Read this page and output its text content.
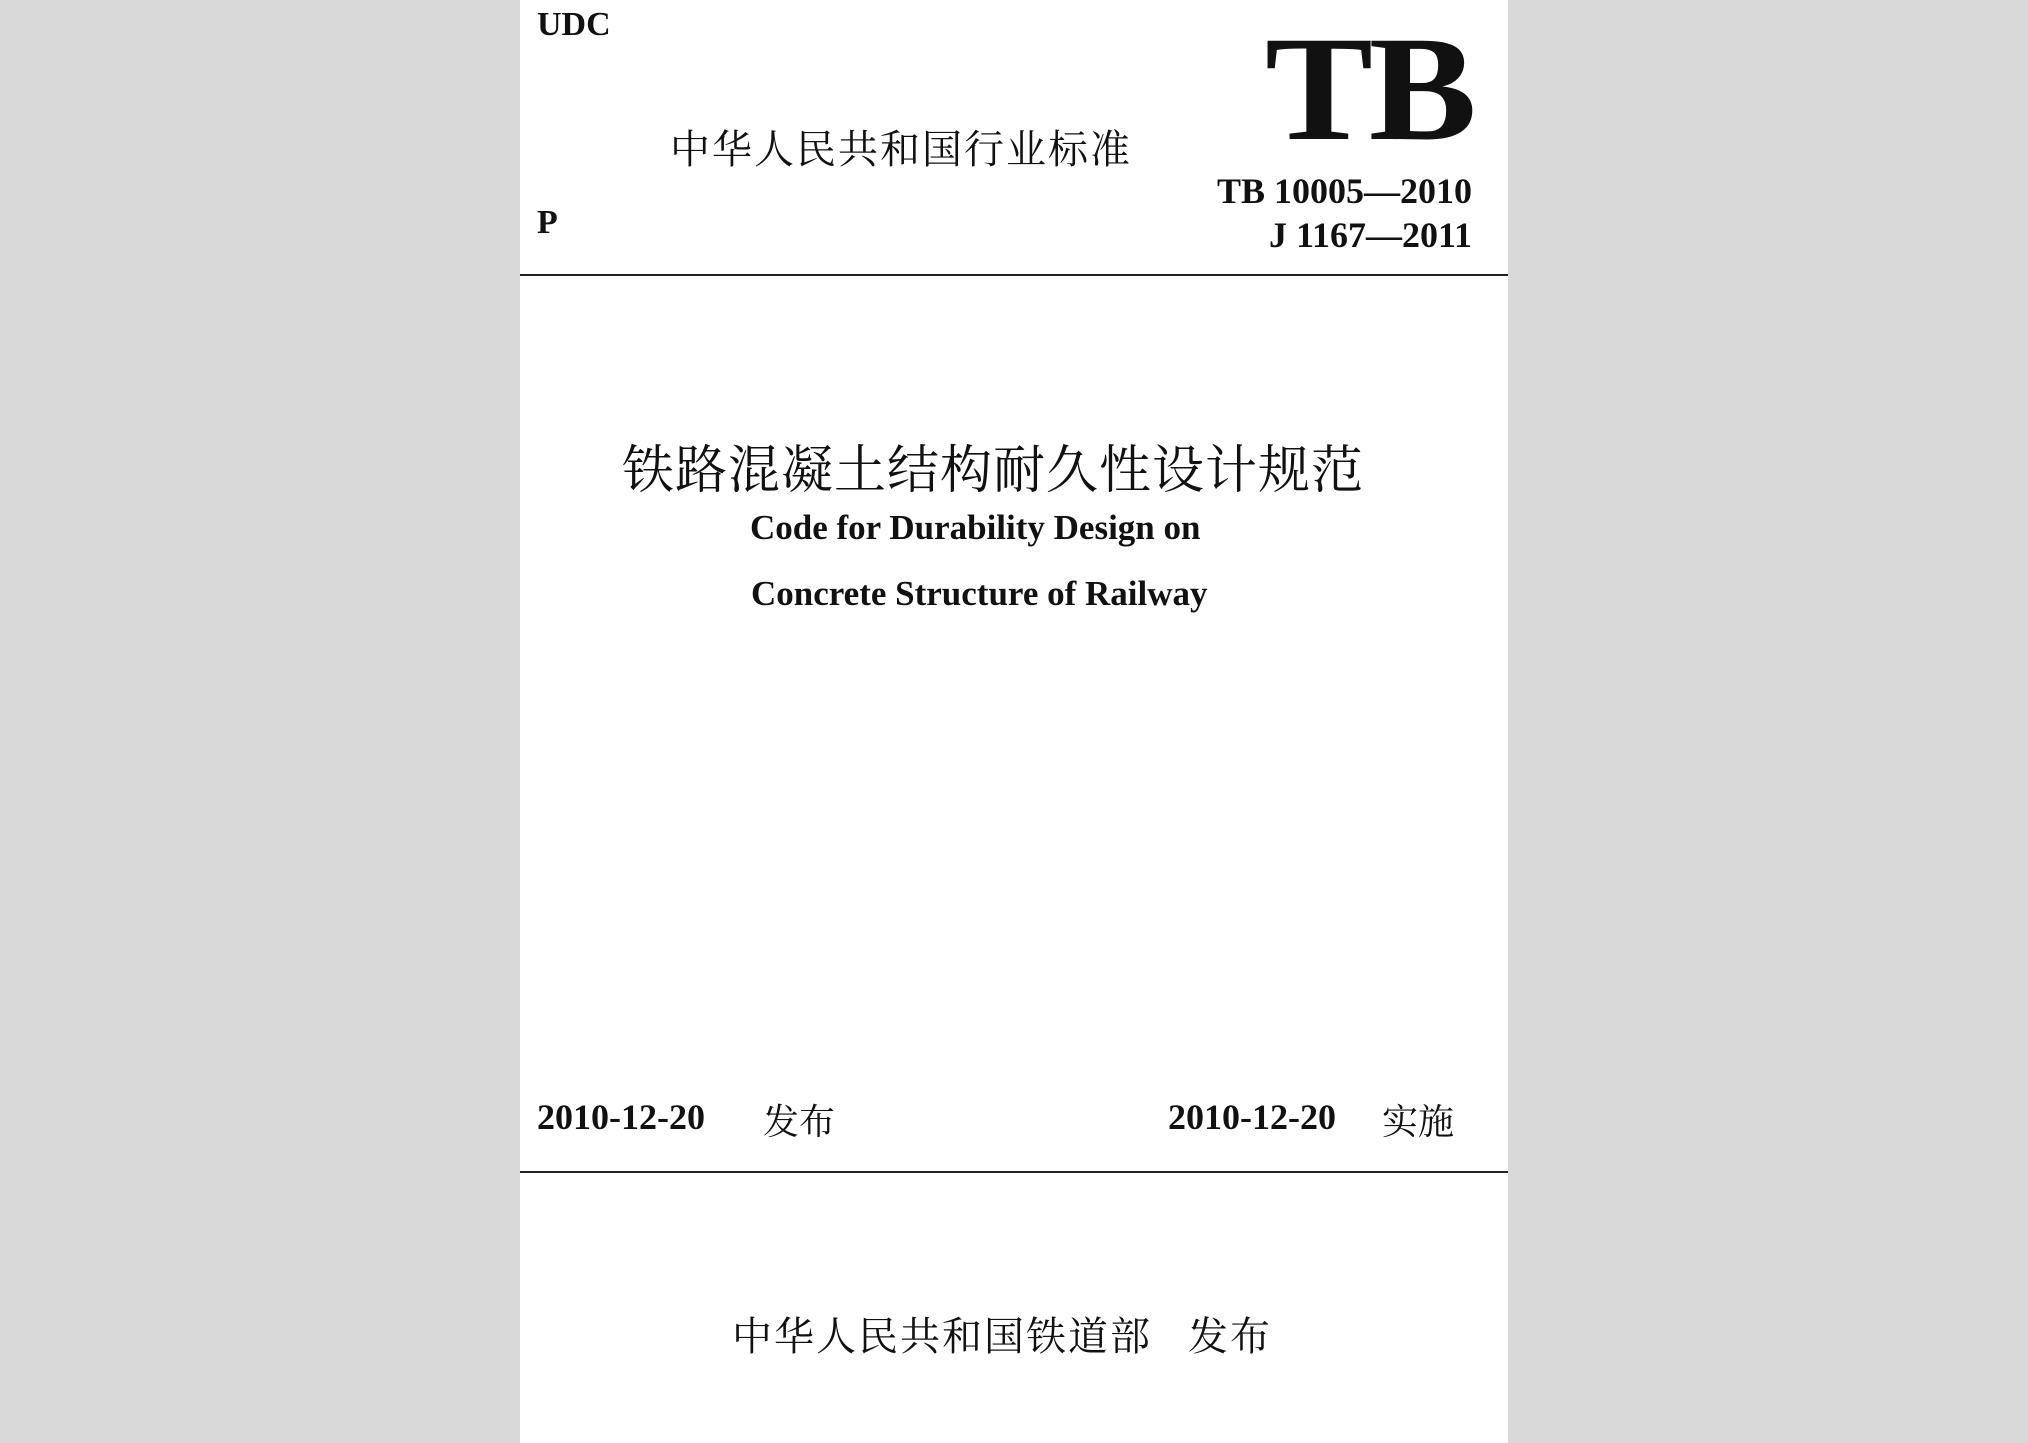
UDC	TB
中华人民共和国行业标准
P
TB 10005—2010
J 1167—2011
铁路混凝土结构耐久性设计规范
Code for Durability Design on
Concrete Structure of Railway
2010-12-20 发布	2010-12-20 实施
中华人民共和国铁道部 发布
